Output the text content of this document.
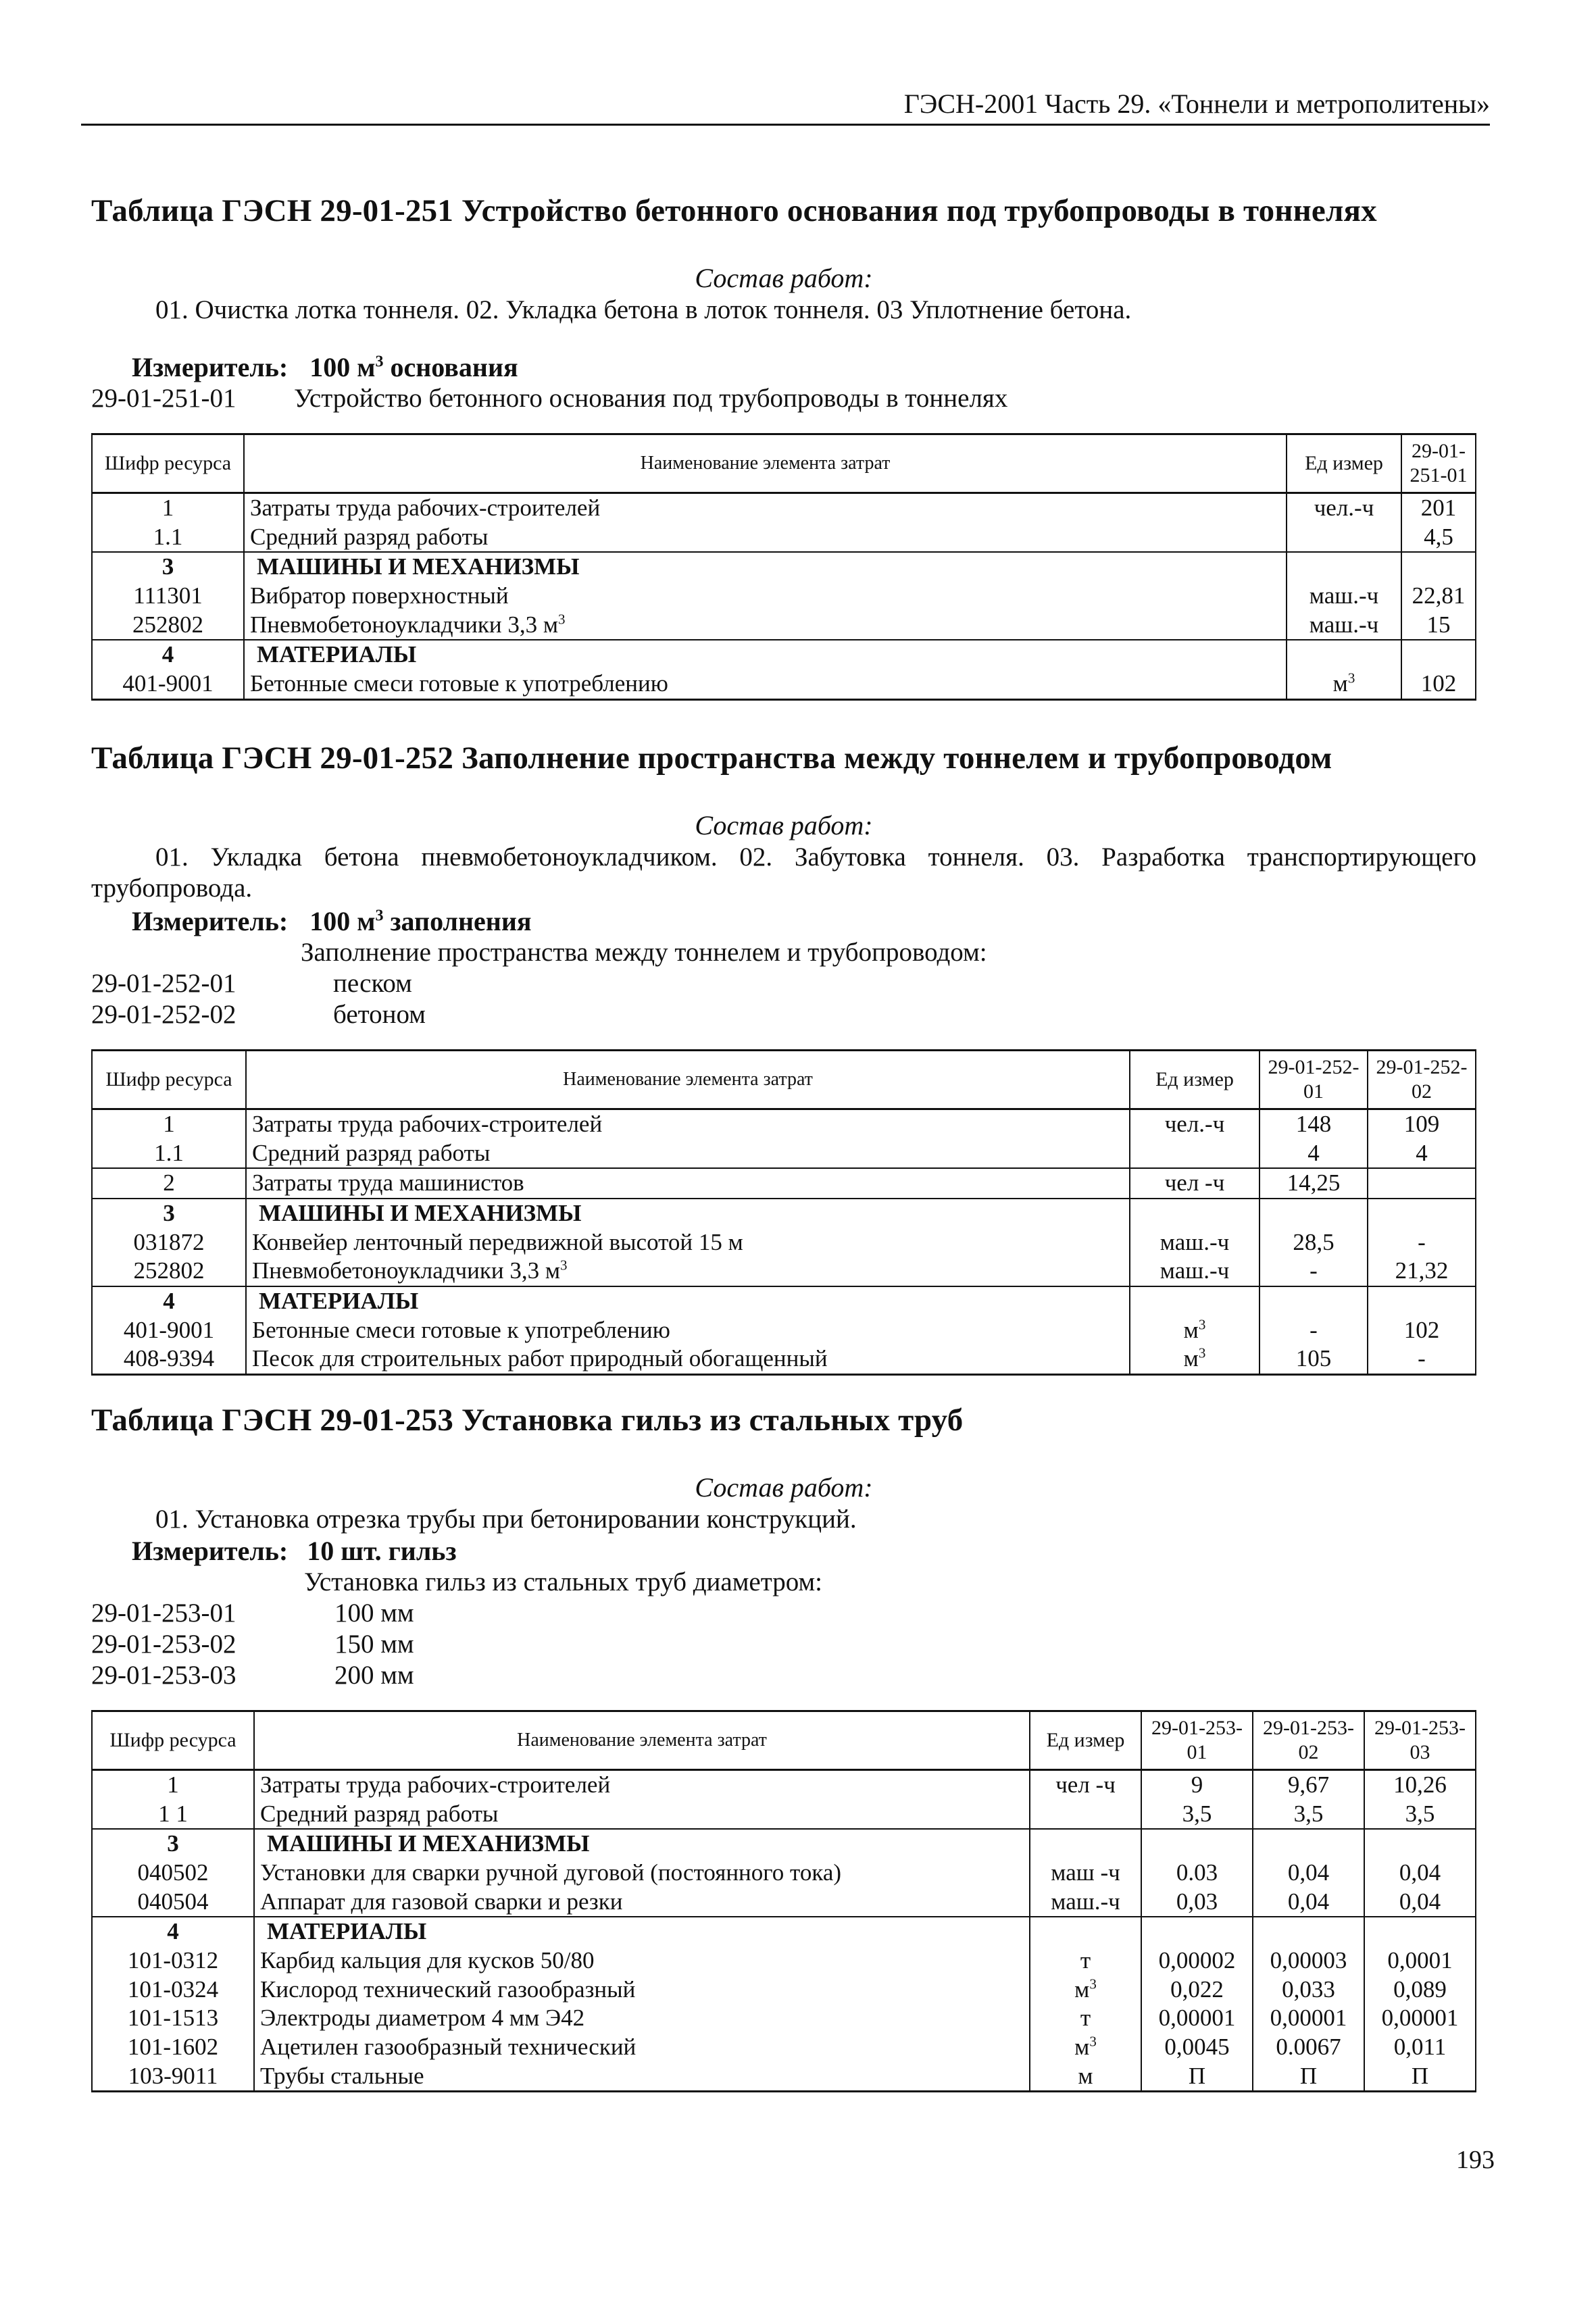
ГЭСН-2001 Часть 29. «Тоннели и метрополитены»
Таблица ГЭСН 29-01-251 Устройство бетонного основания под трубопроводы в тоннелях
Состав работ:
01. Очистка лотка тоннеля. 02. Укладка бетона в лоток тоннеля. 03 Уплотнение бетона.
Измеритель: 100 $м^3$ основания
29-01-251-01	Устройство бетонного основания под трубопроводы в тоннелях
Шифр ресурса	Наименование элемента затрат	Ед измер	29-01-251-01
1	Затраты труда рабочих-строителей	чел.-ч	201
1.1	Средний разряд работы		4,5
3	МАШИНЫ И МЕХАНИЗМЫ		
111301	Вибратор поверхностный	маш.-ч	22,81
252802	Пневмобетоноукладчики 3,3 $м^3$	маш.-ч	15
4	МАТЕРИАЛЫ		
401-9001	Бетонные смеси готовые к употреблению	$м^3$	102
Таблица ГЭСН 29-01-252 Заполнение пространства между тоннелем и трубопроводом
Состав работ:
01. Укладка бетона пневмобетоноукладчиком. 02. Забутовка тоннеля. 03. Разработка транспортирующего трубопровода.
Измеритель: 100 $м^3$ заполнения
Заполнение пространства между тоннелем и трубопроводом:
29-01-252-01	песком
29-01-252-02	бетоном
Шифр ресурса	Наименование элемента затрат	Ед измер	29-01-252-01	29-01-252-02
1	Затраты труда рабочих-строителей	чел.-ч	148	109
1.1	Средний разряд работы		4	4
2	Затраты труда машинистов	чел -ч	14,25	
3	МАШИНЫ И МЕХАНИЗМЫ			
031872	Конвейер ленточный передвижной высотой 15 м	маш.-ч	28,5	-
252802	Пневмобетоноукладчики 3,3 $м^3$	маш.-ч	-	21,32
4	МАТЕРИАЛЫ			
401-9001	Бетонные смеси готовые к употреблению	$м^3$	-	102
408-9394	Песок для строительных работ природный обогащенный	$м^3$	105	-
Таблица ГЭСН 29-01-253 Установка гильз из стальных труб
Состав работ:
01. Установка отрезка трубы при бетонировании конструкций.
Измеритель: 10 шт. гильз
Установка гильз из стальных труб диаметром:
29-01-253-01	100 мм
29-01-253-02	150 мм
29-01-253-03	200 мм
Шифр ресурса	Наименование элемента затрат	Ед измер	29-01-253-01	29-01-253-02	29-01-253-03
1	Затраты труда рабочих-строителей	чел -ч	9	9,67	10,26
1 1	Средний разряд работы		3,5	3,5	3,5
3	МАШИНЫ И МЕХАНИЗМЫ				
040502	Установки для сварки ручной дуговой (постоянного тока)	маш -ч	0.03	0,04	0,04
040504	Аппарат для газовой сварки и резки	маш.-ч	0,03	0,04	0,04
4	МАТЕРИАЛЫ				
101-0312	Карбид кальция для кусков 50/80	т	0,00002	0,00003	0,0001
101-0324	Кислород технический газообразный	$м^3$	0,022	0,033	0,089
101-1513	Электроды диаметром 4 мм Э42	т	0,00001	0,00001	0,00001
101-1602	Ацетилен газообразный технический	$м^3$	0,0045	0.0067	0,011
103-9011	Трубы стальные	м	П	П	П
193
